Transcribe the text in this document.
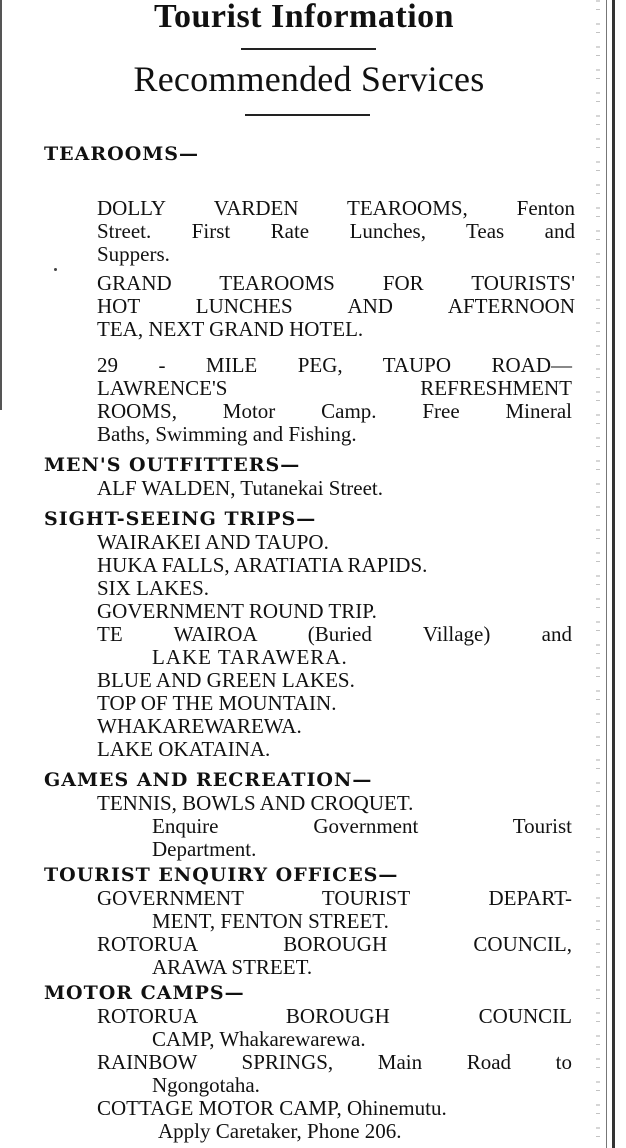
Tourist Information
Recommended Services
TEAROOMS—
DOLLY VARDEN TEAROOMS, Fenton
Street. First Rate Lunches, Teas and
Suppers.
GRAND TEAROOMS FOR TOURISTS'
HOT LUNCHES AND AFTERNOON
TEA, NEXT GRAND HOTEL.
29 - MILE PEG, TAUPO ROAD—
LAWRENCE'S REFRESHMENT
ROOMS, Motor Camp. Free Mineral
Baths, Swimming and Fishing.
MEN'S OUTFITTERS—
ALF WALDEN, Tutanekai Street.
SIGHT-SEEING TRIPS—
WAIRAKEI AND TAUPO.
HUKA FALLS, ARATIATIA RAPIDS.
SIX LAKES.
GOVERNMENT ROUND TRIP.
TE WAIROA (Buried Village) and
LAKE TARAWERA.
BLUE AND GREEN LAKES.
TOP OF THE MOUNTAIN.
WHAKAREWAREWA.
LAKE OKATAINA.
GAMES AND RECREATION—
TENNIS, BOWLS AND CROQUET.
Enquire Government Tourist
Department.
TOURIST ENQUIRY OFFICES—
GOVERNMENT TOURIST DEPART-
MENT, FENTON STREET.
ROTORUA BOROUGH COUNCIL,
ARAWA STREET.
MOTOR CAMPS—
ROTORUA BOROUGH COUNCIL
CAMP, Whakarewarewa.
RAINBOW SPRINGS, Main Road to
Ngongotaha.
COTTAGE MOTOR CAMP, Ohinemutu.
Apply Caretaker, Phone 206.
